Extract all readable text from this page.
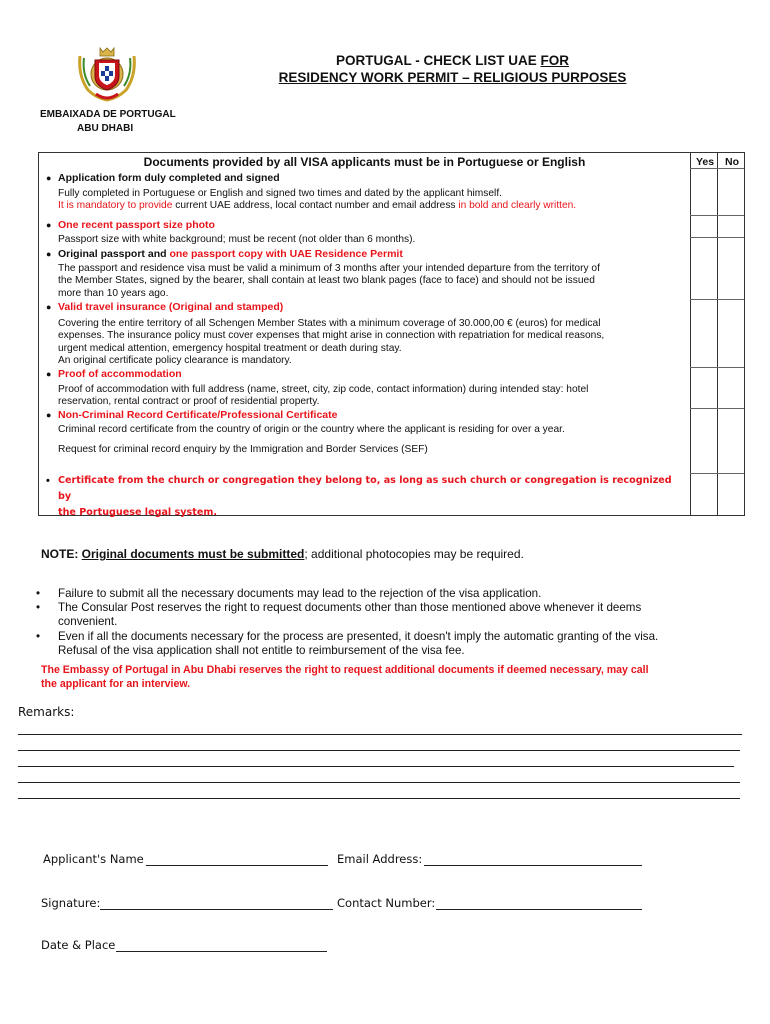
PORTUGAL - CHECK LIST UAE FOR
RESIDENCY WORK PERMIT – RELIGIOUS PURPOSES
EMBAIXADA DE PORTUGAL
ABU DHABI
Documents provided by all VISA applicants must be in Portuguese or English	Yes No
● Application form duly completed and signed
Fully completed in Portuguese or English and signed two times and dated by the applicant himself.
It is mandatory to provide current UAE address, local contact number and email address in bold and clearly written.
● One recent passport size photo
Passport size with white background; must be recent (not older than 6 months).
● Original passport and one passport copy with UAE Residence Permit
The passport and residence visa must be valid a minimum of 3 months after your intended departure from the territory of
the Member States, signed by the bearer, shall contain at least two blank pages (face to face) and should not be issued
more than 10 years ago.
● Valid travel insurance (Original and stamped)
Covering the entire territory of all Schengen Member States with a minimum coverage of 30.000,00 € (euros) for medical
expenses. The insurance policy must cover expenses that might arise in connection with repatriation for medical reasons,
urgent medical attention, emergency hospital treatment or death during stay.
An original certificate policy clearance is mandatory.
● Proof of accommodation
Proof of accommodation with full address (name, street, city, zip code, contact information) during intended stay: hotel
reservation, rental contract or proof of residential property.
● Non-Criminal Record Certificate/Professional Certificate
Criminal record certificate from the country of origin or the country where the applicant is residing for over a year.
Request for criminal record enquiry by the Immigration and Border Services (SEF)
• Certificate from the church or congregation they belong to, as long as such church or congregation is recognized by
the Portuguese legal system.
NOTE: Original documents must be submitted; additional photocopies may be required.
• Failure to submit all the necessary documents may lead to the rejection of the visa application.
• The Consular Post reserves the right to request documents other than those mentioned above whenever it deems
convenient.
• Even if all the documents necessary for the process are presented, it doesn't imply the automatic granting of the visa.
Refusal of the visa application shall not entitle to reimbursement of the visa fee.
The Embassy of Portugal in Abu Dhabi reserves the right to request additional documents if deemed necessary, may call
the applicant for an interview.
Remarks:
Applicant's Name	Email Address:
Signature:	Contact Number:
Date & Place
